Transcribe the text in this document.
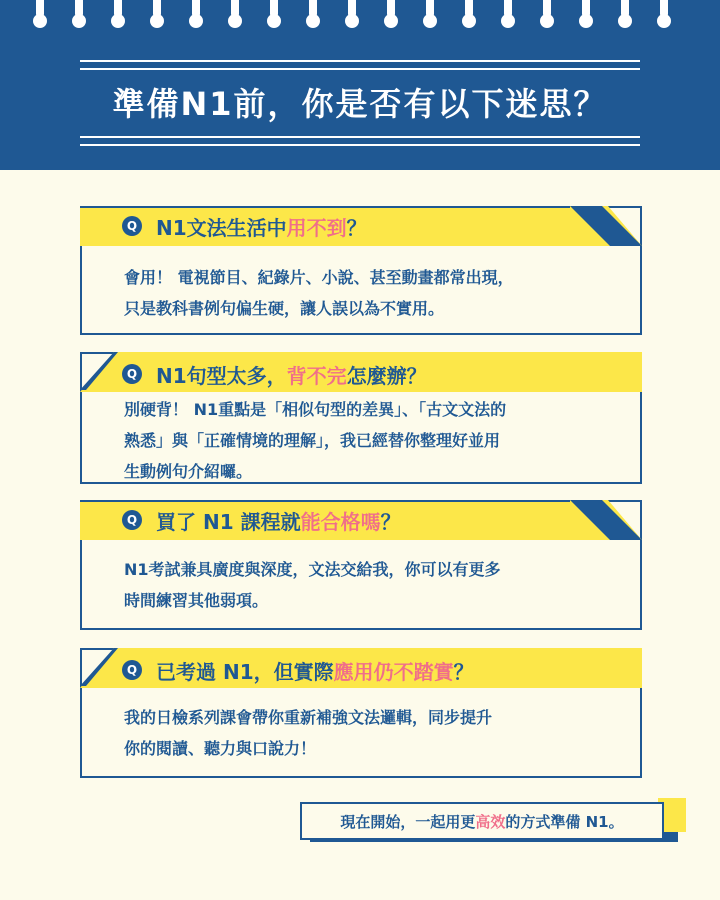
準備N1前，你是否有以下迷思？
Q N1文法生活中用不到？
會用！ 電視節目、紀錄片、小說、甚至動畫都常出現，
只是教科書例句偏生硬，讓人誤以為不實用。
Q N1句型太多，背不完怎麼辦？
別硬背！ N1重點是「相似句型的差異」、「古文文法的
熟悉」與「正確情境的理解」，我已經替你整理好並用
生動例句介紹囉。
Q 買了 N1 課程就能合格嗎？
N1考試兼具廣度與深度，文法交給我，你可以有更多
時間練習其他弱項。
Q 已考過 N1，但實際應用仍不踏實？
我的日檢系列課會帶你重新補強文法邏輯，同步提升
你的閱讀、聽力與口說力！
現在開始，一起用更 高效 的方式準備 N1。
